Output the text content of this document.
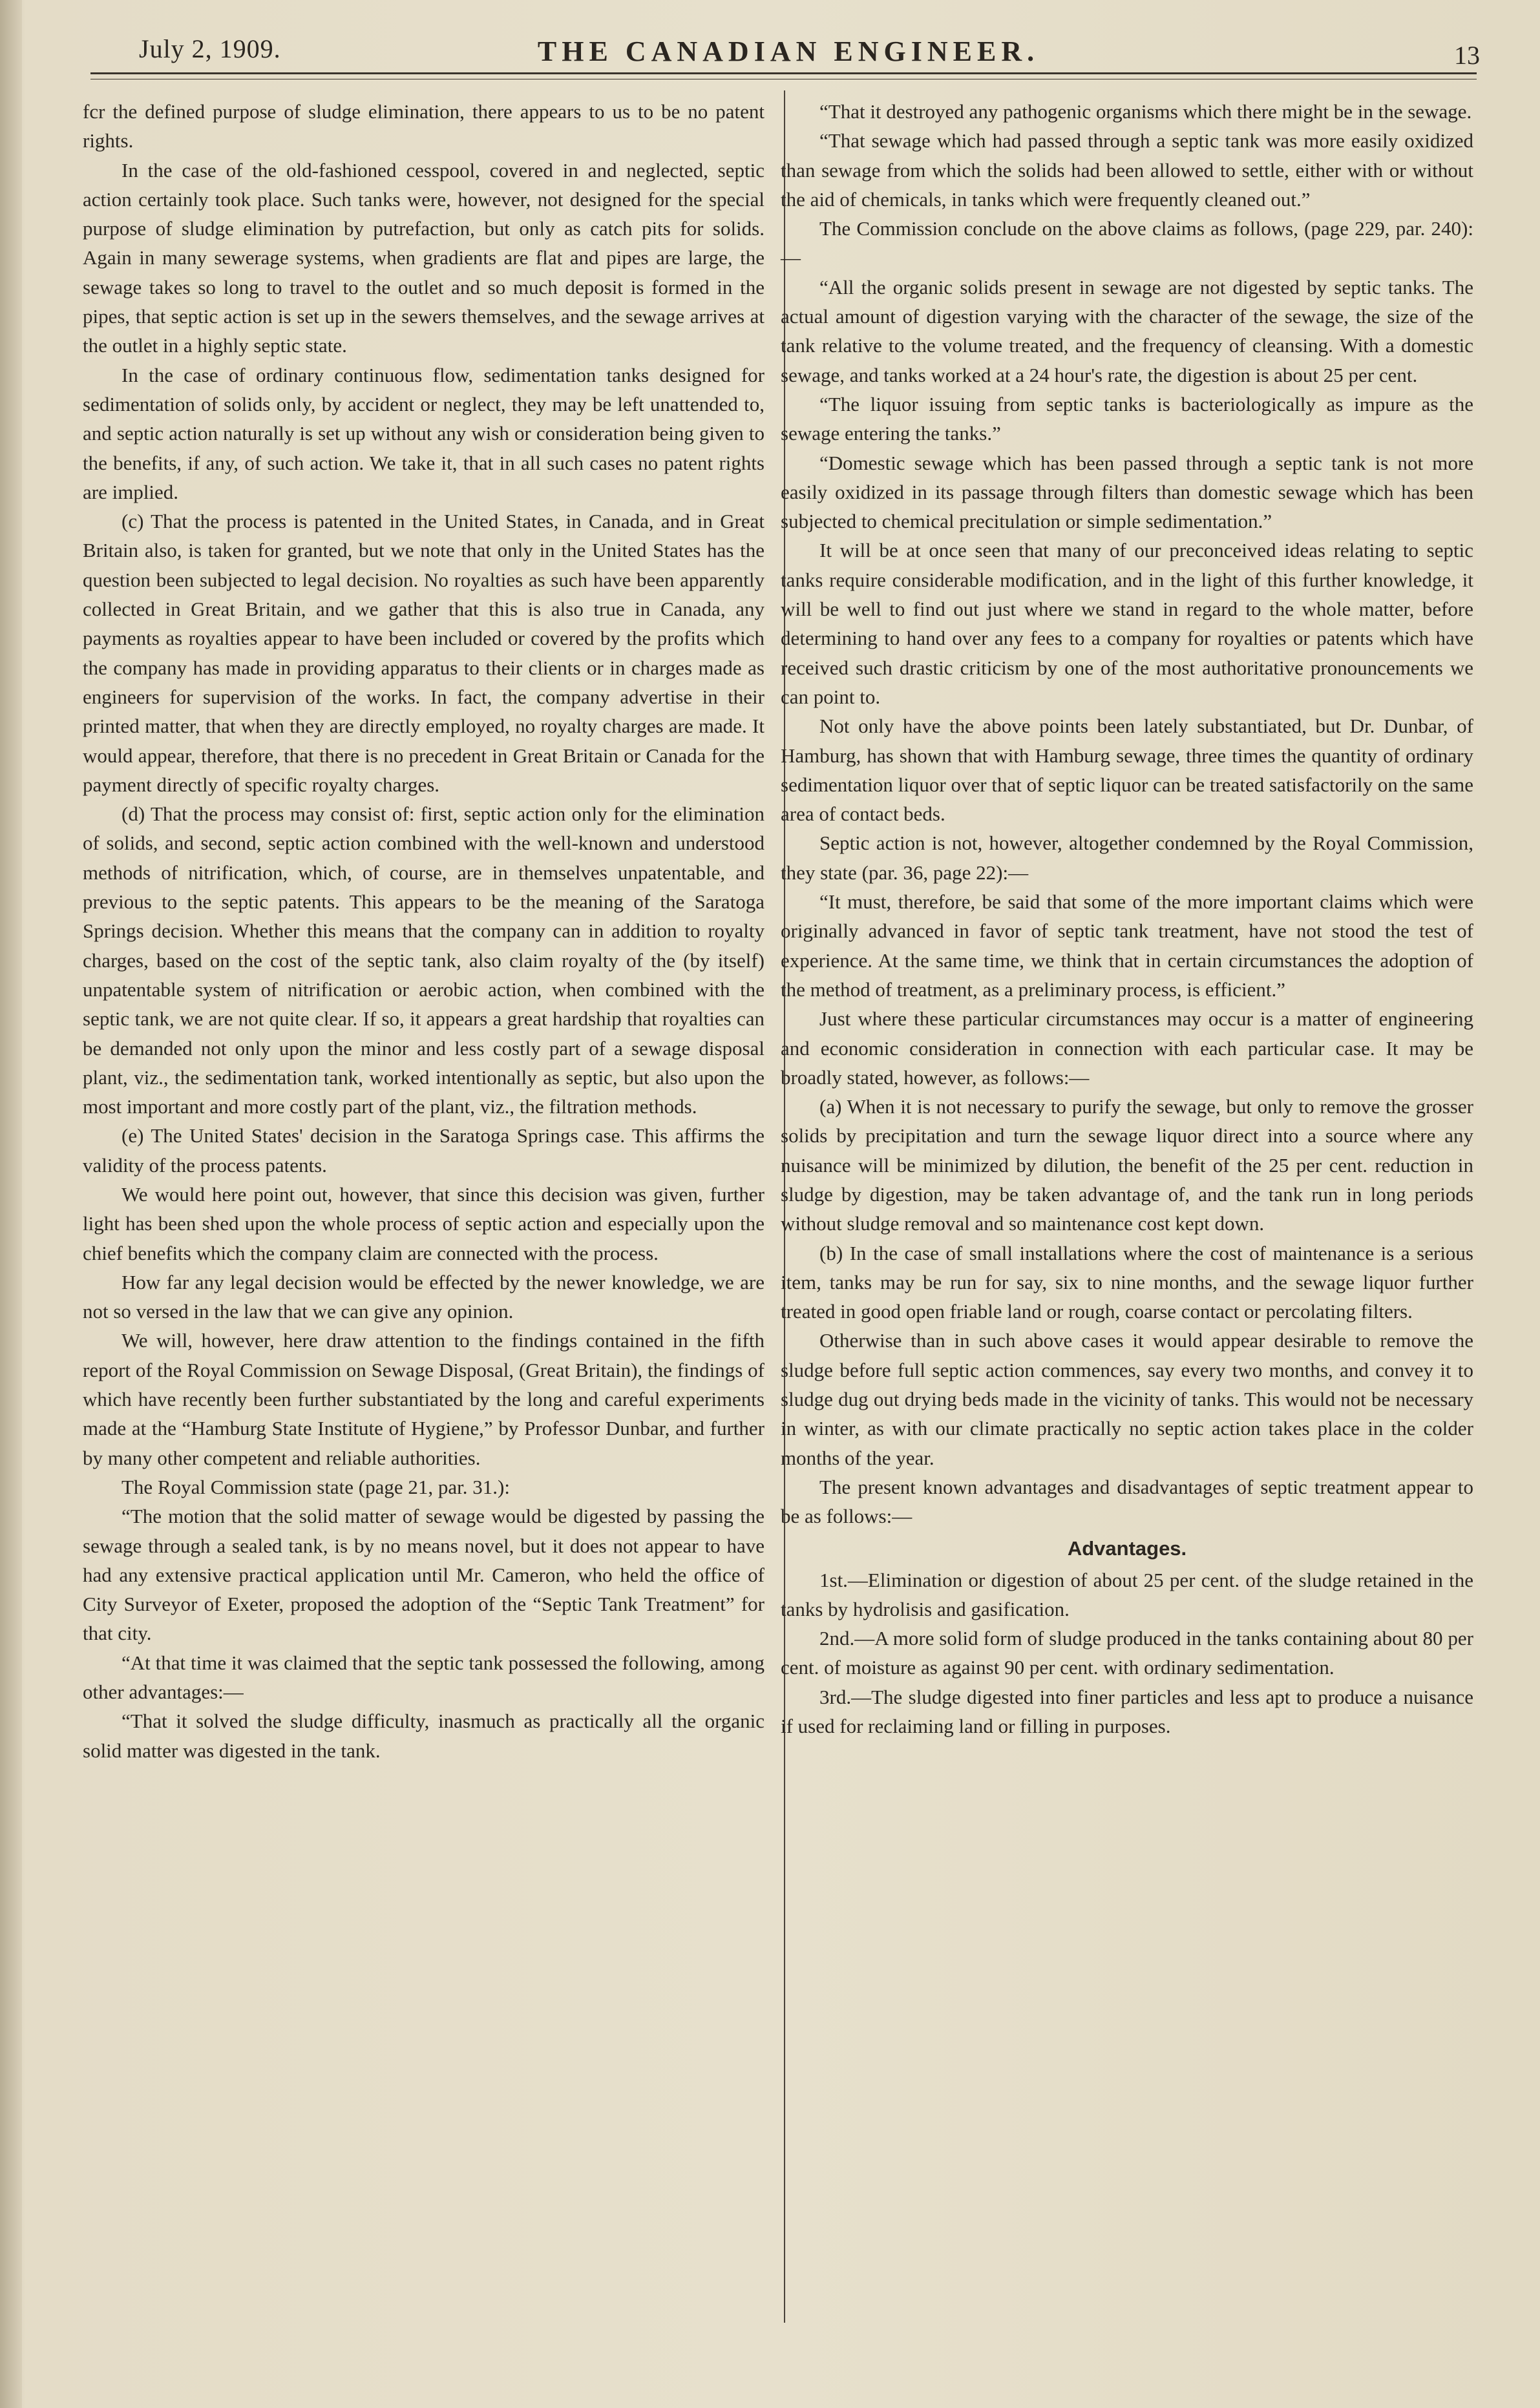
July 2, 1909.	THE CANADIAN ENGINEER.	13

fcr the defined purpose of sludge elimination, there appears to us to be no patent rights.

In the case of the old-fashioned cesspool, covered in and neglected, septic action certainly took place. Such tanks were, however, not designed for the special purpose of sludge elimination by putrefaction, but only as catch pits for solids. Again in many sewerage systems, when gradients are flat and pipes are large, the sewage takes so long to travel to the outlet and so much deposit is formed in the pipes, that septic action is set up in the sewers themselves, and the sewage arrives at the outlet in a highly septic state.

In the case of ordinary continuous flow, sedimentation tanks designed for sedimentation of solids only, by accident or neglect, they may be left unattended to, and septic action naturally is set up without any wish or consideration being given to the benefits, if any, of such action. We take it, that in all such cases no patent rights are implied.

(c) That the process is patented in the United States, in Canada, and in Great Britain also, is taken for granted, but we note that only in the United States has the question been subjected to legal decision. No royalties as such have been apparently collected in Great Britain, and we gather that this is also true in Canada, any payments as royalties appear to have been included or covered by the profits which the company has made in providing apparatus to their clients or in charges made as engineers for supervision of the works. In fact, the company advertise in their printed matter, that when they are directly employed, no royalty charges are made. It would appear, therefore, that there is no precedent in Great Britain or Canada for the payment directly of specific royalty charges.

(d) That the process may consist of: first, septic action only for the elimination of solids, and second, septic action combined with the well-known and understood methods of nitrification, which, of course, are in themselves unpatentable, and previous to the septic patents. This appears to be the meaning of the Saratoga Springs decision. Whether this means that the company can in addition to royalty charges, based on the cost of the septic tank, also claim royalty of the (by itself) unpatentable system of nitrification or aerobic action, when combined with the septic tank, we are not quite clear. If so, it appears a great hardship that royalties can be demanded not only upon the minor and less costly part of a sewage disposal plant, viz., the sedimentation tank, worked intentionally as septic, but also upon the most important and more costly part of the plant, viz., the filtration methods.

(e) The United States' decision in the Saratoga Springs case. This affirms the validity of the process patents.

We would here point out, however, that since this decision was given, further light has been shed upon the whole process of septic action and especially upon the chief benefits which the company claim are connected with the process.

How far any legal decision would be effected by the newer knowledge, we are not so versed in the law that we can give any opinion.

We will, however, here draw attention to the findings contained in the fifth report of the Royal Commission on Sewage Disposal, (Great Britain), the findings of which have recently been further substantiated by the long and careful experiments made at the “Hamburg State Institute of Hygiene,” by Professor Dunbar, and further by many other competent and reliable authorities.

The Royal Commission state (page 21, par. 31.):

“The motion that the solid matter of sewage would be digested by passing the sewage through a sealed tank, is by no means novel, but it does not appear to have had any extensive practical application until Mr. Cameron, who held the office of City Surveyor of Exeter, proposed the adoption of the “Septic Tank Treatment” for that city.

“At that time it was claimed that the septic tank possessed the following, among other advantages:—

“That it solved the sludge difficulty, inasmuch as practically all the organic solid matter was digested in the tank.

“That it destroyed any pathogenic organisms which there might be in the sewage.

“That sewage which had passed through a septic tank was more easily oxidized than sewage from which the solids had been allowed to settle, either with or without the aid of chemicals, in tanks which were frequently cleaned out.”

The Commission conclude on the above claims as follows, (page 229, par. 240):—

“All the organic solids present in sewage are not digested by septic tanks. The actual amount of digestion varying with the character of the sewage, the size of the tank relative to the volume treated, and the frequency of cleansing. With a domestic sewage, and tanks worked at a 24 hour's rate, the digestion is about 25 per cent.

“The liquor issuing from septic tanks is bacteriologically as impure as the sewage entering the tanks.”

“Domestic sewage which has been passed through a septic tank is not more easily oxidized in its passage through filters than domestic sewage which has been subjected to chemical precitulation or simple sedimentation.”

It will be at once seen that many of our preconceived ideas relating to septic tanks require considerable modification, and in the light of this further knowledge, it will be well to find out just where we stand in regard to the whole matter, before determining to hand over any fees to a company for royalties or patents which have received such drastic criticism by one of the most authoritative pronouncements we can point to.

Not only have the above points been lately substantiated, but Dr. Dunbar, of Hamburg, has shown that with Hamburg sewage, three times the quantity of ordinary sedimentation liquor over that of septic liquor can be treated satisfactorily on the same area of contact beds.

Septic action is not, however, altogether condemned by the Royal Commission, they state (par. 36, page 22):—

“It must, therefore, be said that some of the more important claims which were originally advanced in favor of septic tank treatment, have not stood the test of experience. At the same time, we think that in certain circumstances the adoption of the method of treatment, as a preliminary process, is efficient.”

Just where these particular circumstances may occur is a matter of engineering and economic consideration in connection with each particular case. It may be broadly stated, however, as follows:—

(a) When it is not necessary to purify the sewage, but only to remove the grosser solids by precipitation and turn the sewage liquor direct into a source where any nuisance will be minimized by dilution, the benefit of the 25 per cent. reduction in sludge by digestion, may be taken advantage of, and the tank run in long periods without sludge removal and so maintenance cost kept down.

(b) In the case of small installations where the cost of maintenance is a serious item, tanks may be run for say, six to nine months, and the sewage liquor further treated in good open friable land or rough, coarse contact or percolating filters.

Otherwise than in such above cases it would appear desirable to remove the sludge before full septic action commences, say every two months, and convey it to sludge dug out drying beds made in the vicinity of tanks. This would not be necessary in winter, as with our climate practically no septic action takes place in the colder months of the year.

The present known advantages and disadvantages of septic treatment appear to be as follows:—

Advantages.

1st.—Elimination or digestion of about 25 per cent. of the sludge retained in the tanks by hydrolisis and gasification.

2nd.—A more solid form of sludge produced in the tanks containing about 80 per cent. of moisture as against 90 per cent. with ordinary sedimentation.

3rd.—The sludge digested into finer particles and less apt to produce a nuisance if used for reclaiming land or filling in purposes.
